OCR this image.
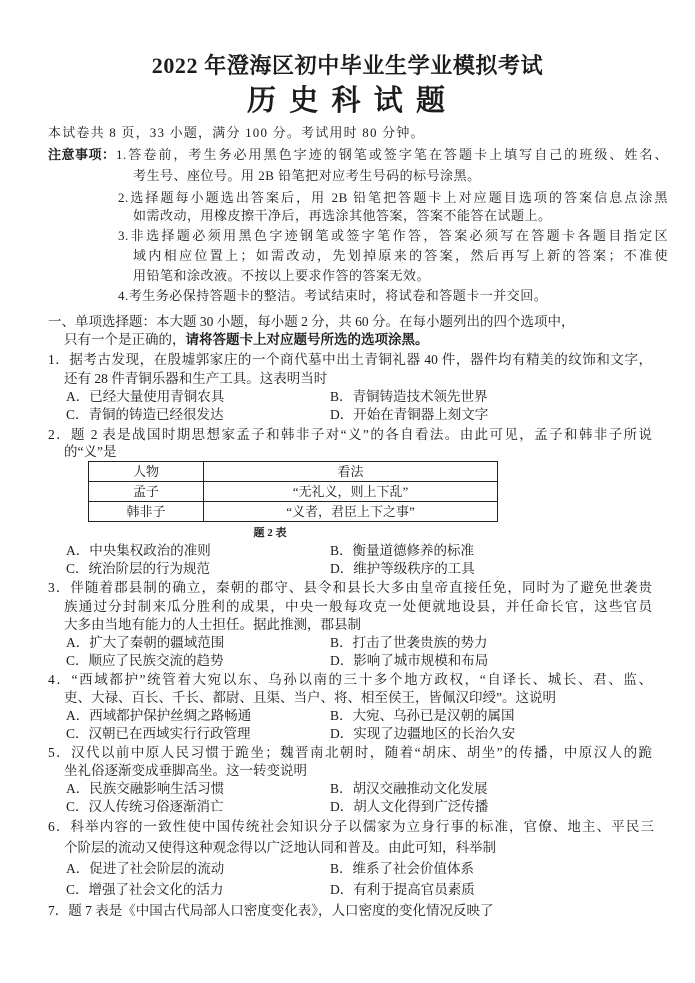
2022 年澄海区初中毕业生学业模拟考试
历 史 科 试 题
本试卷共 8 页，33 小题，满分 100 分。考试用时 80 分钟。
注意事项： 1.答卷前，考生务必用黑色字迹的钢笔或签字笔在答题卡上填写自己的班级、姓名、
考生号、座位号。用 2B 铅笔把对应考生号码的标号涂黑。
2.选择题每小题选出答案后，用 2B 铅笔把答题卡上对应题目选项的答案信息点涂黑
如需改动，用橡皮擦干净后，再选涂其他答案，答案不能答在试题上。
3.非选择题必须用黑色字迹钢笔或签字笔作答，答案必须写在答题卡各题目指定区
域内相应位置上；如需改动，先划掉原来的答案，然后再写上新的答案；不准使
用铅笔和涂改液。不按以上要求作答的答案无效。
4.考生务必保持答题卡的整洁。考试结束时，将试卷和答题卡一并交回。
一、单项选择题：本大题 30 小题，每小题 2 分，共 60 分。在每小题列出的四个选项中，
只有一个是正确的，请将答题卡上对应题号所选的选项涂黑。
1．据考古发现，在殷墟郭家庄的一个商代墓中出土青铜礼器 40 件，器件均有精美的纹饰和文字，
还有 28 件青铜乐器和生产工具。这表明当时
A．已经大量使用青铜农具	B．青铜铸造技术领先世界
C．青铜的铸造已经很发达	D．开始在青铜器上刻文字
2．题 2 表是战国时期思想家孟子和韩非子对“义”的各自看法。由此可见，孟子和韩非子所说
的“义”是
人物	看法
孟子	“无礼义，则上下乱”
韩非子	“义者，君臣上下之事”
题 2 表
A．中央集权政治的准则	B．衡量道德修养的标准
C．统治阶层的行为规范	D．维护等级秩序的工具
3．伴随着郡县制的确立，秦朝的郡守、县令和县长大多由皇帝直接任免，同时为了避免世袭贵
族通过分封制来瓜分胜利的成果，中央一般每攻克一处便就地设县，并任命长官，这些官员
大多由当地有能力的人士担任。据此推测，郡县制
A．扩大了秦朝的疆域范围	B．打击了世袭贵族的势力
C．顺应了民族交流的趋势	D．影响了城市规模和布局
4．“西域都护”统管着大宛以东、乌孙以南的三十多个地方政权，“自译长、城长、君、监、
吏、大禄、百长、千长、都尉、且渠、当户、将、相至侯王，皆佩汉印绶”。这说明
A．西域都护保护丝绸之路畅通	B．大宛、乌孙已是汉朝的属国
C．汉朝已在西域实行行政管理	D．实现了边疆地区的长治久安
5．汉代以前中原人民习惯于跪坐；魏晋南北朝时，随着“胡床、胡坐”的传播，中原汉人的跪
坐礼俗逐渐变成垂脚高坐。这一转变说明
A．民族交融影响生活习惯	B．胡汉交融推动文化发展
C．汉人传统习俗逐渐消亡	D．胡人文化得到广泛传播
6．科举内容的一致性使中国传统社会知识分子以儒家为立身行事的标准，官僚、地主、平民三
个阶层的流动又使得这种观念得以广泛地认同和普及。由此可知，科举制
A．促进了社会阶层的流动	B．维系了社会价值体系
C．增强了社会文化的活力	D．有利于提高官员素质
7．题 7 表是《中国古代局部人口密度变化表》，人口密度的变化情况反映了
